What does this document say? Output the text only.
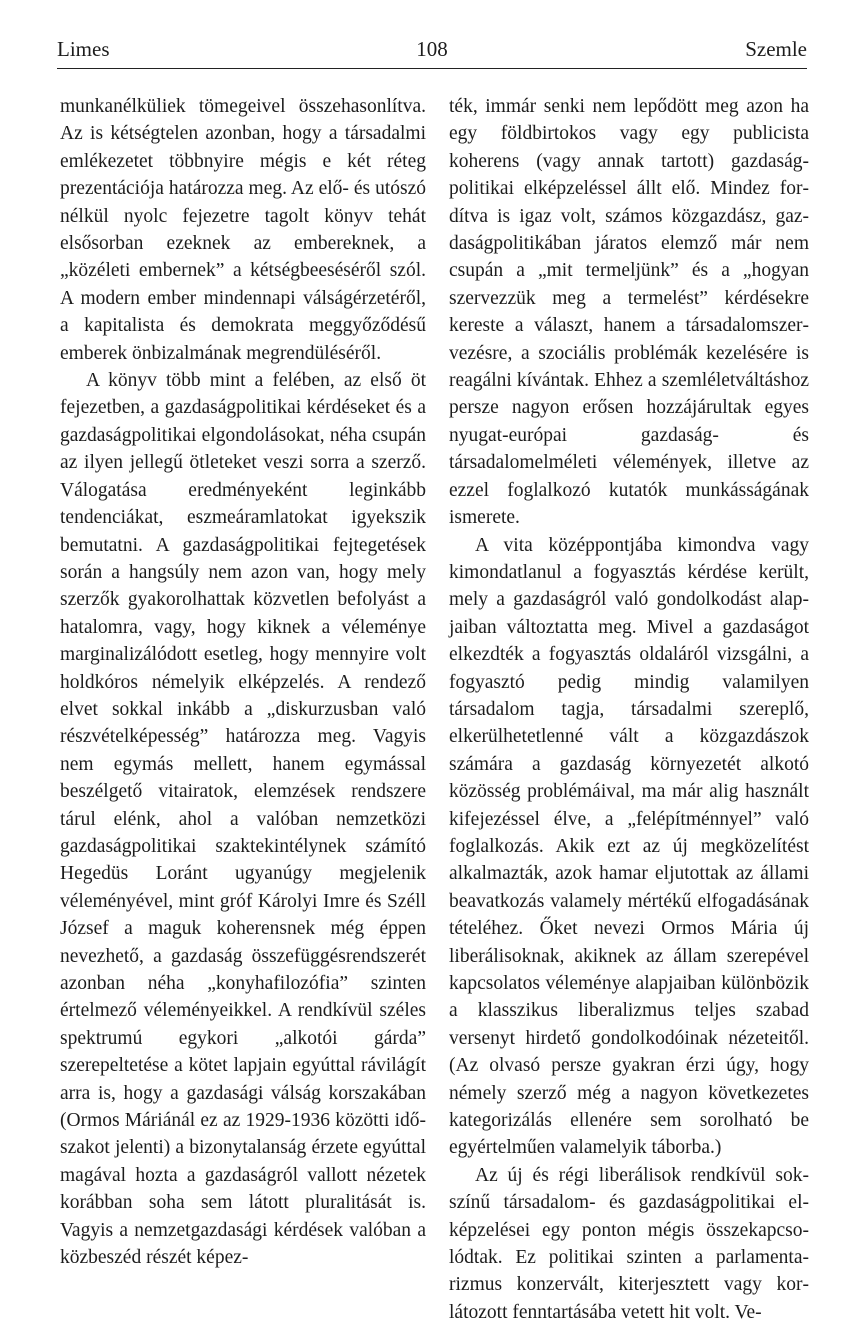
Limes	108	Szemle

munkanélküliek tömegeivel összehasonlítva. Az is kétségtelen azonban, hogy a társadalmi emlékezetet többnyire mégis e két réteg prezentációja határozza meg. Az elő- és utószó nélkül nyolc fejezetre tagolt könyv tehát elsősorban ezeknek az embereknek, a „közéleti embernek” a kétségbeeséséről szól. A modern ember mindennapi válságérzetéről, a kapitalista és demokrata meggyőződésű emberek önbizalmának megrendüléséről.

A könyv több mint a felében, az első öt fejezetben, a gazdaságpolitikai kérdéseket és a gazdaságpolitikai elgondolásokat, néha csupán az ilyen jellegű ötleteket veszi sorra a szerző. Válogatása eredményeként leginkább tendenciákat, eszmeáramlatokat igyekszik bemutatni. A gazdaságpolitikai fejtegetések során a hangsúly nem azon van, hogy mely szerzők gyakorolhattak közvetlen befolyást a hatalomra, vagy, hogy kiknek a véleménye marginalizálódott esetleg, hogy mennyire volt holdkóros némelyik elképzelés. A rendező elvet sokkal inkább a „diskurzusban való részvételképesség” határozza meg. Vagyis nem egymás mellett, hanem egymással beszélgető vitairatok, elemzések rendszere tárul elénk, ahol a valóban nemzetközi gazdaságpolitikai szaktekintélynek számító Hegedüs Loránt ugyanúgy megjelenik véleményével, mint gróf Károlyi Imre és Széll József a maguk koherensnek még éppen nevezhető, a gazdaság összefüggésrendszerét azonban néha „konyhafilozófia” szinten értelmező véleményeikkel. A rendkívül széles spektrumú egykori „alkotói gárda” szerepeltetése a kötet lapjain egyúttal rávilágít arra is, hogy a gazdasági válság korszakában (Ormos Máriánál ez az 1929-1936 közötti időszakot jelenti) a bizonytalanság érzete egyúttal magával hozta a gazdaságról vallott nézetek korábban soha sem látott pluralitását is. Vagyis a nemzetgazdasági kérdések valóban a közbeszéd részét képez-

ték, immár senki nem lepődött meg azon ha egy földbirtokos vagy egy publicista koherens (vagy annak tartott) gazdaságpolitikai elképzeléssel állt elő. Mindez fordítva is igaz volt, számos közgazdász, gazdaságpolitikában járatos elemző már nem csupán a „mit termeljünk” és a „hogyan szervezzük meg a termelést” kérdésekre kereste a választ, hanem a társadalomszervezésre, a szociális problémák kezelésére is reagálni kívántak. Ehhez a szemléletváltáshoz persze nagyon erősen hozzájárultak egyes nyugat-európai gazdaság- és társadalomelméleti vélemények, illetve az ezzel foglalkozó kutatók munkásságának ismerete.

A vita középpontjába kimondva vagy kimondatlanul a fogyasztás kérdése került, mely a gazdaságról való gondolkodást alapjaiban változtatta meg. Mivel a gazdaságot elkezdték a fogyasztás oldaláról vizsgálni, a fogyasztó pedig mindig valamilyen társadalom tagja, társadalmi szereplő, elkerülhetetlenné vált a közgazdászok számára a gazdaság környezetét alkotó közösség problémáival, ma már alig használt kifejezéssel élve, a „felépítménnyel” való foglalkozás. Akik ezt az új megközelítést alkalmazták, azok hamar eljutottak az állami beavatkozás valamely mértékű elfogadásának tételéhez. Őket nevezi Ormos Mária új liberálisoknak, akiknek az állam szerepével kapcsolatos véleménye alapjaiban különbözik a klasszikus liberalizmus teljes szabad versenyt hirdető gondolkodóinak nézeteitől. (Az olvasó persze gyakran érzi úgy, hogy némely szerző még a nagyon következetes kategorizálás ellenére sem sorolható be egyértelműen valamelyik táborba.)

Az új és régi liberálisok rendkívül sokszínű társadalom- és gazdaságpolitikai elképzelései egy ponton mégis összekapcsolódtak. Ez politikai szinten a parlamentarizmus konzervált, kiterjesztett vagy korlátozott fenntartásába vetett hit volt. Ve-
